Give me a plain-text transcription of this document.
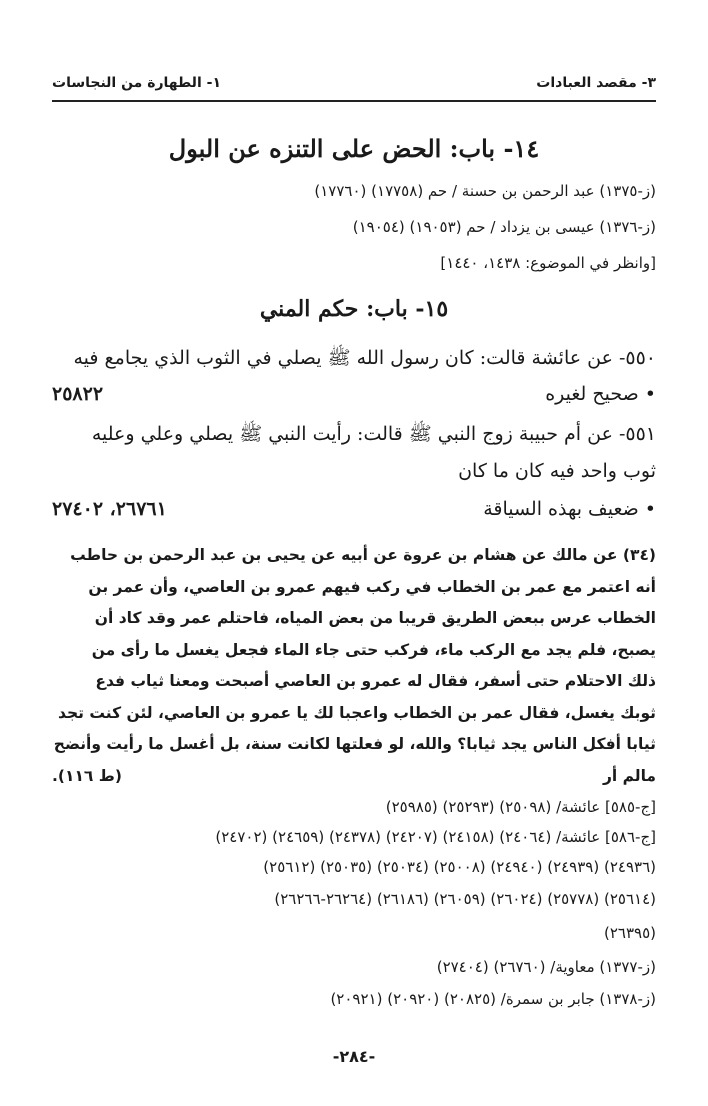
٣- مقصد العبادات
١- الطهارة من النجاسات
١٤- باب: الحض على التنزه عن البول
(ز-١٣٧٥) عبد الرحمن بن حسنة / حم (١٧٧٥٨) (١٧٧٦٠)
(ز-١٣٧٦) عيسى بن يزداد / حم (١٩٠٥٣) (١٩٠٥٤)
[وانظر في الموضوع: ١٤٣٨، ١٤٤٠]
١٥- باب: حكم المني
٥٥٠- عن عائشة قالت: كان رسول الله ﷺ يصلي في الثوب الذي يجامع فيه
• صحيح لغيره
٢٥٨٢٢
٥٥١- عن أم حبيبة زوج النبي ﷺ قالت: رأيت النبي ﷺ يصلي وعلي وعليه
ثوب واحد فيه كان ما كان
• ضعيف بهذه السياقة
٢٦٧٦١، ٢٧٤٠٢

(٣٤) عن مالك عن هشام بن عروة عن أبيه عن يحيى بن عبد الرحمن بن حاطب

أنه اعتمر مع عمر بن الخطاب في ركب فيهم عمرو بن العاصي، وأن عمر بن

الخطاب عرس ببعض الطريق قريبا من بعض المياه، فاحتلم عمر وقد كاد أن

يصبح، فلم يجد مع الركب ماء، فركب حتى جاء الماء فجعل يغسل ما رأى من

ذلك الاحتلام حتى أسفر، فقال له عمرو بن العاصي أصبحت ومعنا ثياب فدع

ثوبك يغسل، فقال عمر بن الخطاب واعجبا لك يا عمرو بن العاصي، لئن كنت تجد

ثيابا أفكل الناس يجد ثيابا؟ والله، لو فعلتها لكانت سنة، بل أغسل ما رأيت وأنضح

مالم أر
(ط ١١٦).

[ج-٥٨٥] عائشة/ (٢٥٠٩٨) (٢٥٢٩٣) (٢٥٩٨٥)
[ج-٥٨٦] عائشة/ (٢٤٠٦٤) (٢٤١٥٨) (٢٤٢٠٧) (٢٤٣٧٨) (٢٤٦٥٩) (٢٤٧٠٢)
(٢٤٩٣٦) (٢٤٩٣٩) (٢٤٩٤٠) (٢٥٠٠٨) (٢٥٠٣٤) (٢٥٠٣٥) (٢٥٦١٢)
(٢٥٦١٤) (٢٥٧٧٨) (٢٦٠٢٤) (٢٦٠٥٩) (٢٦١٨٦) (٢٦٢٦٤-٢٦٢٦٦)
(٢٦٣٩٥)
(ز-١٣٧٧) معاوية/ (٢٦٧٦٠) (٢٧٤٠٤)
(ز-١٣٧٨) جابر بن سمرة/ (٢٠٨٢٥) (٢٠٩٢٠) (٢٠٩٢١)
-٢٨٤-
